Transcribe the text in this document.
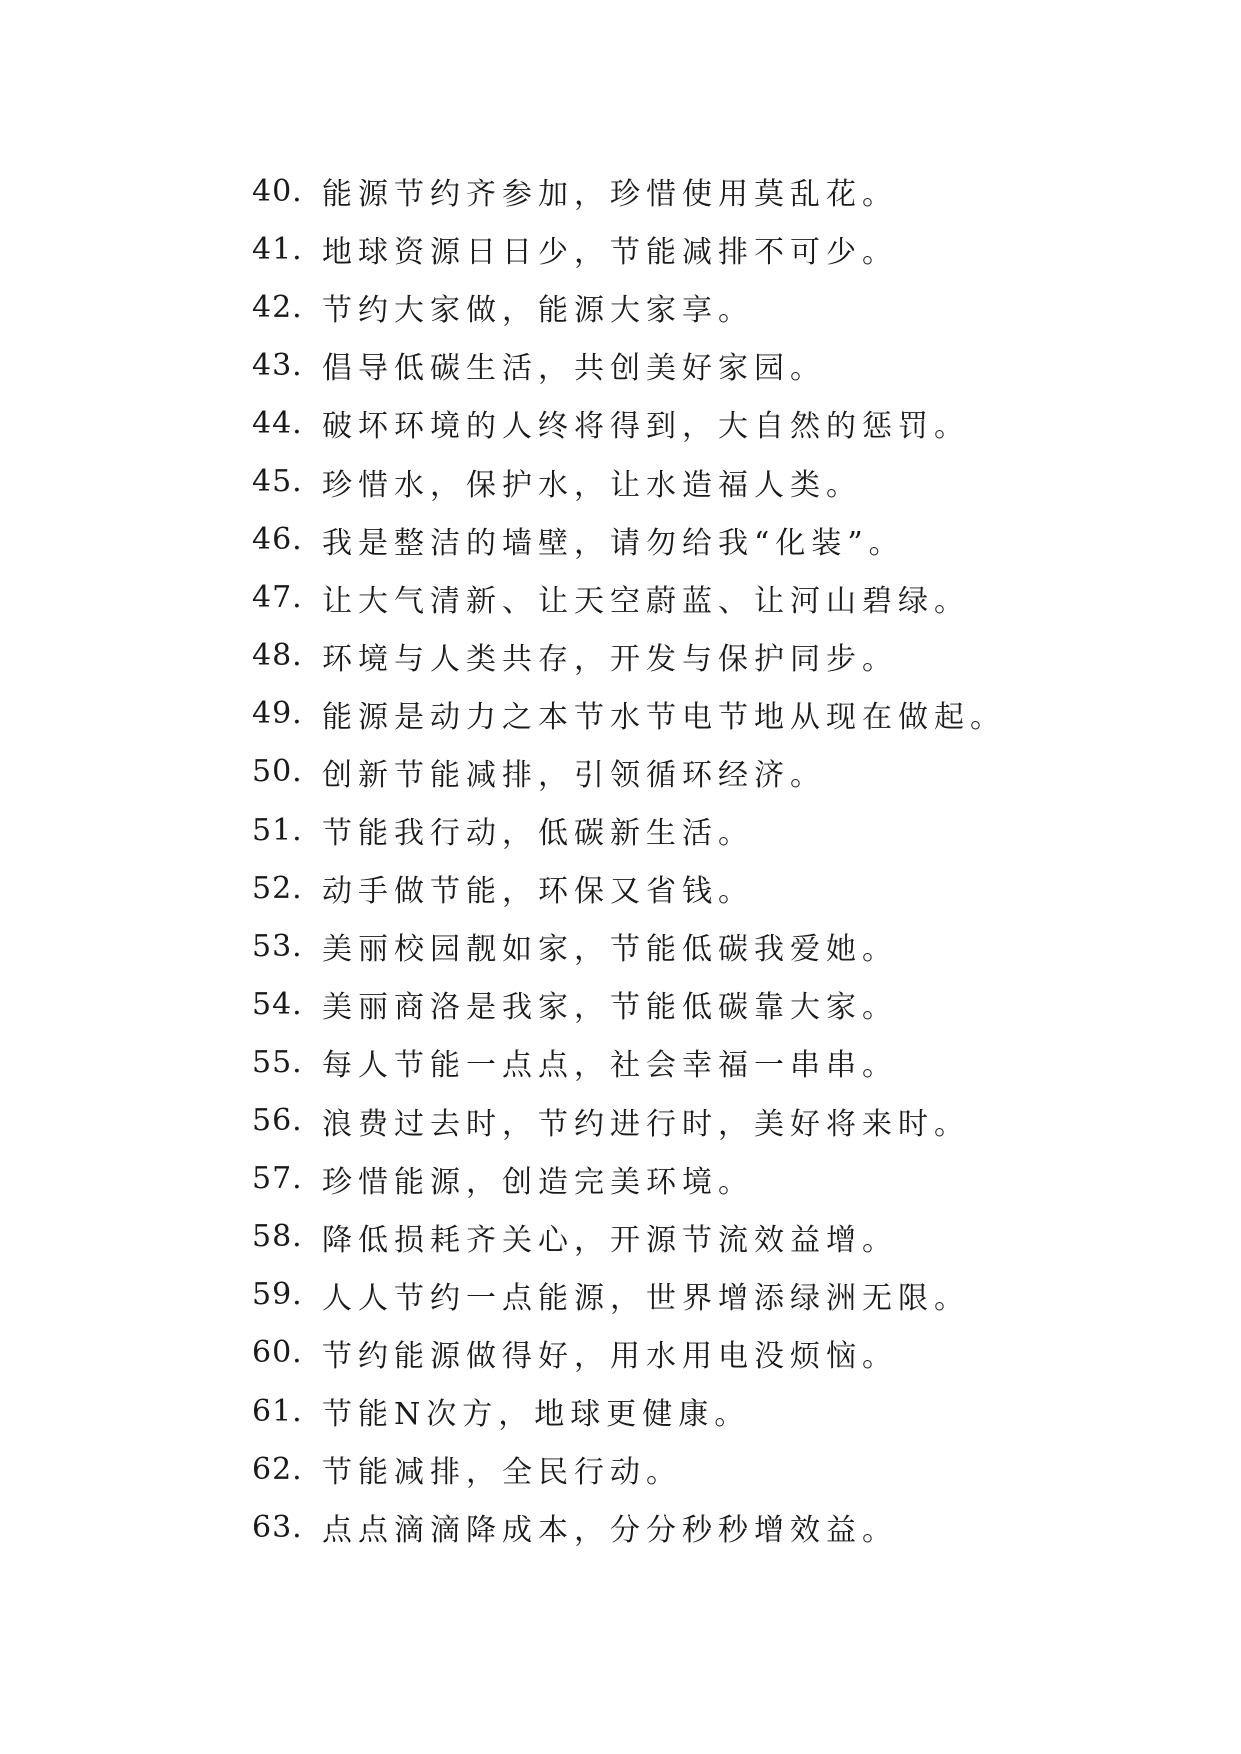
40. 能源节约齐参加，珍惜使用莫乱花。
41. 地球资源日日少，节能减排不可少。
42. 节约大家做，能源大家享。
43. 倡导低碳生活，共创美好家园。
44. 破坏环境的人终将得到，大自然的惩罚。
45. 珍惜水，保护水，让水造福人类。
46. 我是整洁的墙壁，请勿给我“化装”。
47. 让大气清新、让天空蔚蓝、让河山碧绿。
48. 环境与人类共存，开发与保护同步。
49. 能源是动力之本节水节电节地从现在做起。
50. 创新节能减排，引领循环经济。
51. 节能我行动，低碳新生活。
52. 动手做节能，环保又省钱。
53. 美丽校园靓如家，节能低碳我爱她。
54. 美丽商洛是我家，节能低碳靠大家。
55. 每人节能一点点，社会幸福一串串。
56. 浪费过去时，节约进行时，美好将来时。
57. 珍惜能源，创造完美环境。
58. 降低损耗齐关心，开源节流效益增。
59. 人人节约一点能源，世界增添绿洲无限。
60. 节约能源做得好，用水用电没烦恼。
61. 节能N次方，地球更健康。
62. 节能减排，全民行动。
63. 点点滴滴降成本，分分秒秒增效益。
